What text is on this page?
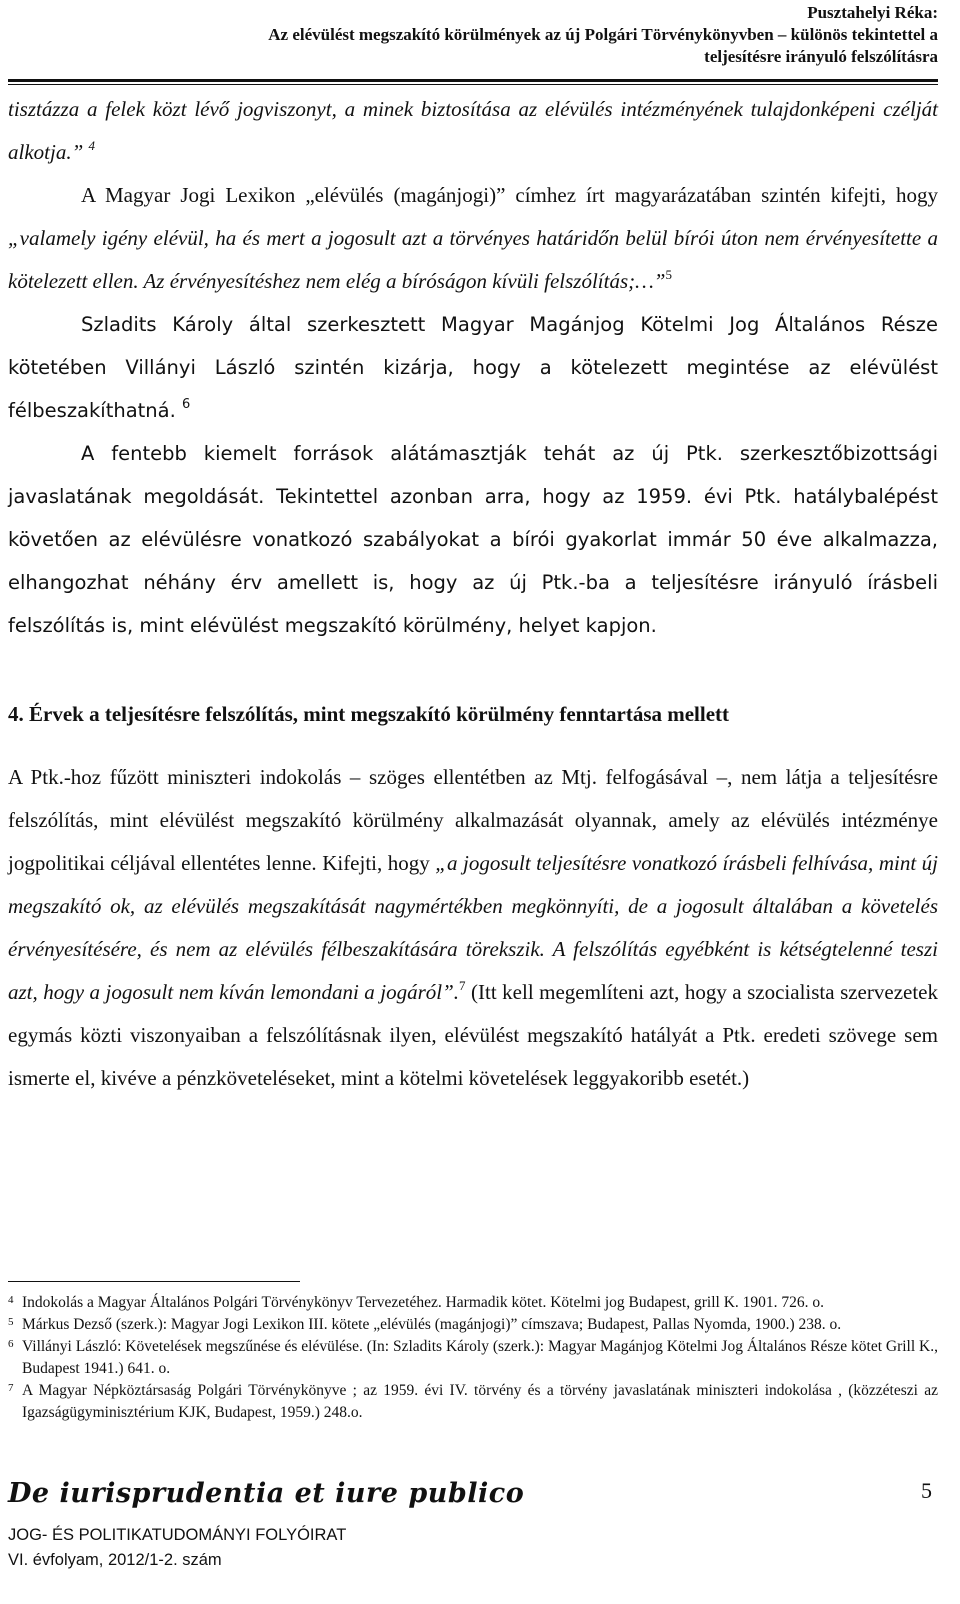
Pusztahelyi Réka:
Az elévülést megszakító körülmények az új Polgári Törvénykönyvben – különös tekintettel a
teljesítésre irányuló felszólításra

tisztázza a felek közt lévő jogviszonyt, a minek biztosítása az elévülés intézményének tulajdonképeni czélját alkotja.” $^4$

A Magyar Jogi Lexikon „elévülés (magánjogi)” címhez írt magyarázatában szintén kifejti, hogy „valamely igény elévül, ha és mert a jogosult azt a törvényes határidőn belül bírói úton nem érvényesítette a kötelezett ellen. Az érvényesítéshez nem elég a bíróságon kívüli felszólítás;…”$^5$

Szladits Károly által szerkesztett Magyar Magánjog Kötelmi Jog Általános Része kötetében Villányi László szintén kizárja, hogy a kötelezett megintése az elévülést félbeszakíthatná. $^6$

A fentebb kiemelt források alátámasztják tehát az új Ptk. szerkesztőbizottsági javaslatának megoldását. Tekintettel azonban arra, hogy az 1959. évi Ptk. hatálybalépést követően az elévülésre vonatkozó szabályokat a bírói gyakorlat immár 50 éve alkalmazza, elhangozhat néhány érv amellett is, hogy az új Ptk.-ba a teljesítésre irányuló írásbeli felszólítás is, mint elévülést megszakító körülmény, helyet kapjon.

4. Érvek a teljesítésre felszólítás, mint megszakító körülmény fenntartása mellett

A Ptk.-hoz fűzött miniszteri indokolás – szöges ellentétben az Mtj. felfogásával –, nem látja a teljesítésre felszólítás, mint elévülést megszakító körülmény alkalmazását olyannak, amely az elévülés intézménye jogpolitikai céljával ellentétes lenne. Kifejti, hogy „a jogosult teljesítésre vonatkozó írásbeli felhívása, mint új megszakító ok, az elévülés megszakítását nagymértékben megkönnyíti, de a jogosult általában a követelés érvényesítésére, és nem az elévülés félbeszakítására törekszik. A felszólítás egyébként is kétségtelenné teszi azt, hogy a jogosult nem kíván lemondani a jogáról”.$^7$ (Itt kell megemlíteni azt, hogy a szocialista szervezetek egymás közti viszonyaiban a felszólításnak ilyen, elévülést megszakító hatályát a Ptk. eredeti szövege sem ismerte el, kivéve a pénzköveteléseket, mint a kötelmi követelések leggyakoribb esetét.)

4 Indokolás a Magyar Általános Polgári Törvénykönyv Tervezetéhez. Harmadik kötet. Kötelmi jog Budapest, grill K. 1901. 726. o.
5 Márkus Dezső (szerk.): Magyar Jogi Lexikon III. kötete „elévülés (magánjogi)” címszava; Budapest, Pallas Nyomda, 1900.) 238. o.
6 Villányi László: Követelések megszűnése és elévülése. (In: Szladits Károly (szerk.): Magyar Magánjog Kötelmi Jog Általános Része kötet Grill K., Budapest 1941.) 641. o.
7 A Magyar Népköztársaság Polgári Törvénykönyve ; az 1959. évi IV. törvény és a törvény javaslatának miniszteri indokolása , (közzéteszi az Igazságügyminisztérium KJK, Budapest, 1959.) 248.o.
De iurisprudentia et iure publico	5
JOG- ÉS POLITIKATUDOMÁNYI FOLYÓIRAT
VI. évfolyam, 2012/1-2. szám
